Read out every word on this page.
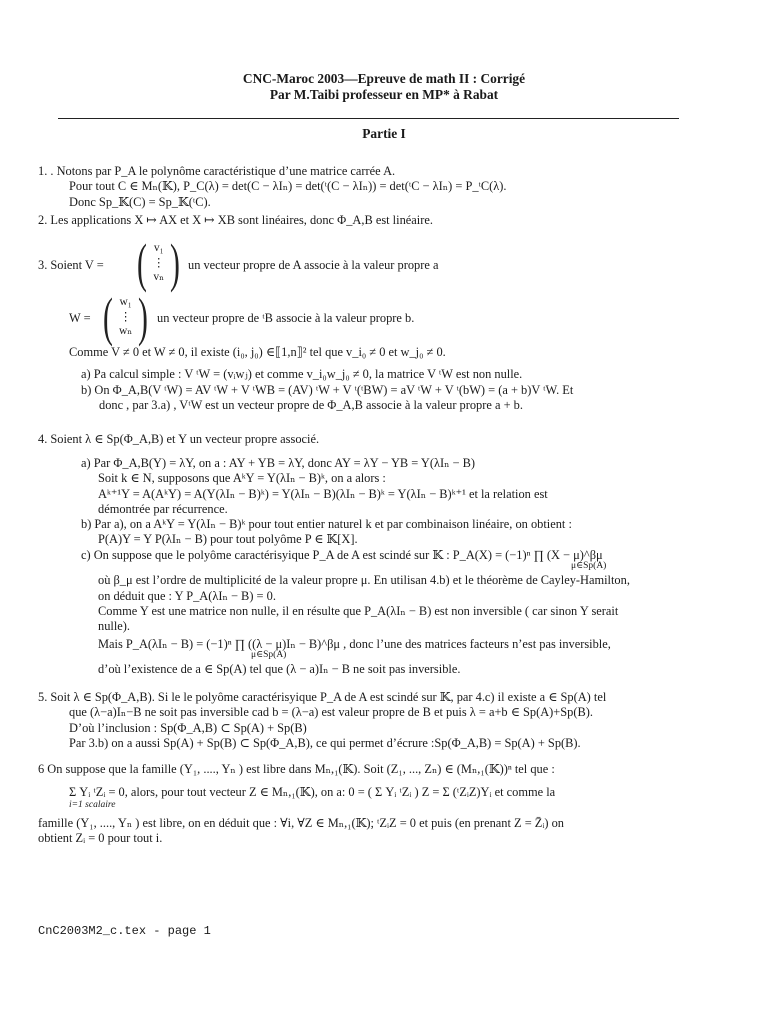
CNC-Maroc 2003—Epreuve de math II : Corrigé
Par M.Taibi professeur en MP* à Rabat
Partie I
1. . Notons par P_A le polynôme caractéristique d’une matrice carrée A.
Pour tout C ∈ Mₙ(𝕂), P_C(λ) = det(C − λIₙ) = det(ᵗ(C − λIₙ)) = det(ᵗC − λIₙ) = P_ᵗC(λ).
Donc Sp_𝕂(C) = Sp_𝕂(ᵗC).
2. Les applications X ↦ AX et X ↦ XB sont linéaires, donc Φ_A,B est linéaire.
3. Soient V = ( v₁
⋮
vₙ ) un vecteur propre de A associe à la valeur propre a
W = ( w₁
⋮
wₙ ) un vecteur propre de ᵗB associe à la valeur propre b.
Comme V ≠ 0 et W ≠ 0, il existe (i₀, j₀) ∈⟦1,n⟧² tel que v_i₀ ≠ 0 et w_j₀ ≠ 0.
a) Pa calcul simple : V ᵗW = (vᵢwⱼ) et comme v_i₀w_j₀ ≠ 0, la matrice V ᵗW est non nulle.
b) On Φ_A,B(V ᵗW) = AV ᵗW + V ᵗWB = (AV) ᵗW + V ᵗ(ᵗBW) = aV ᵗW + V ᵗ(bW) = (a + b)V ᵗW. Et
donc , par 3.a) , VᵗW est un vecteur propre de Φ_A,B associe à la valeur propre a + b.
4. Soient λ ∈ Sp(Φ_A,B) et Y un vecteur propre associé.
a) Par Φ_A,B(Y) = λY, on a : AY + YB = λY, donc AY = λY − YB = Y(λIₙ − B)
Soit k ∈ N, supposons que AᵏY = Y(λIₙ − B)ᵏ, on a alors :
Aᵏ⁺¹Y = A(AᵏY) = A(Y(λIₙ − B)ᵏ) = Y(λIₙ − B)(λIₙ − B)ᵏ = Y(λIₙ − B)ᵏ⁺¹ et la relation est
démontrée par récurrence.
b) Par a), on a AᵏY = Y(λIₙ − B)ᵏ pour tout entier naturel k et par combinaison linéaire, on obtient :
P(A)Y = Y P(λIₙ − B) pour tout polyôme P ∈ 𝕂[X].
c) On suppose que le polyôme caractérisyique P_A de A est scindé sur 𝕂 : P_A(X) = (−1)ⁿ ∏ (X − μ)^βμ
μ∈Sp(A)
où β_μ est l’ordre de multiplicité de la valeur propre μ. En utilisan 4.b) et le théorème de Cayley-Hamilton,
on déduit que : Y P_A(λIₙ − B) = 0.
Comme Y est une matrice non nulle, il en résulte que P_A(λIₙ − B) est non inversible ( car sinon Y serait
nulle).
Mais P_A(λIₙ − B) = (−1)ⁿ ∏ ((λ − μ)Iₙ − B)^βμ , donc l’une des matrices facteurs n’est pas inversible,
μ∈Sp(A)
d’où l’existence de a ∈ Sp(A) tel que (λ − a)Iₙ − B ne soit pas inversible.
5. Soit λ ∈ Sp(Φ_A,B). Si le le polyôme caractérisyique P_A de A est scindé sur 𝕂, par 4.c) il existe a ∈ Sp(A) tel
que (λ−a)Iₙ−B ne soit pas inversible cad b = (λ−a) est valeur propre de B et puis λ = a+b ∈ Sp(A)+Sp(B).
D’où l’inclusion : Sp(Φ_A,B) ⊂ Sp(A) + Sp(B)
Par 3.b) on a aussi Sp(A) + Sp(B) ⊂ Sp(Φ_A,B), ce qui permet d’écrure :Sp(Φ_A,B) = Sp(A) + Sp(B).
6 On suppose que la famille (Y₁, ...., Yₙ ) est libre dans Mₙ,₁(𝕂). Soit (Z₁, ..., Zₙ) ∈ (Mₙ,₁(𝕂))ⁿ tel que :
Σ Yᵢ ᵗZᵢ = 0, alors, pour tout vecteur Z ∈ Mₙ,₁(𝕂), on a: 0 = ( Σ Yᵢ ᵗZᵢ ) Z = Σ (ᵗZᵢZ)Yᵢ et comme la
i=1 scalaire
famille (Y₁, ...., Yₙ ) est libre, on en déduit que : ∀i, ∀Z ∈ Mₙ,₁(𝕂); ᵗZᵢZ = 0 et puis (en prenant Z = Z̄ᵢ) on
obtient Zᵢ = 0 pour tout i.
CnC2003M2_c.tex - page 1
